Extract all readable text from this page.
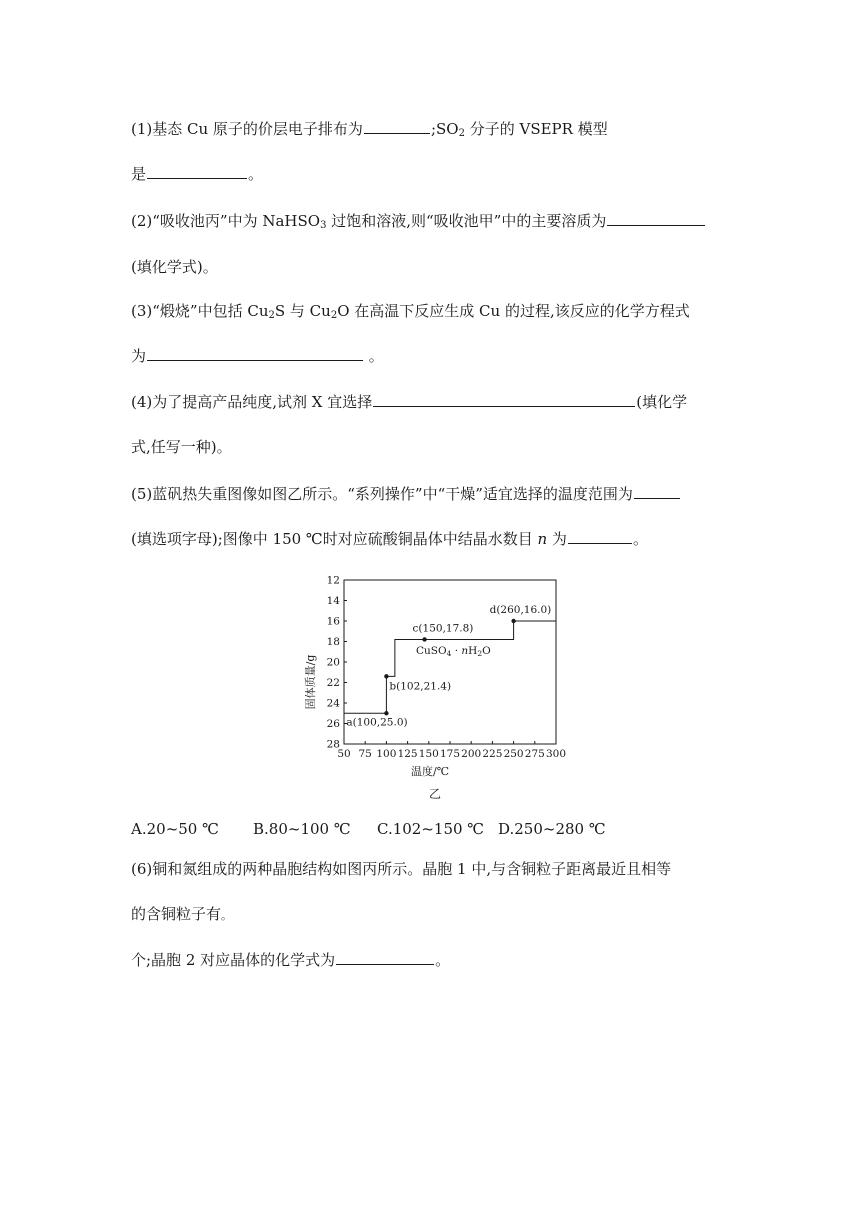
(1)基态 Cu 原子的价层电子排布为	$;SO_2$ 分子的 VSEPR 模型
是	。
(2)“吸收池丙”中为 NaHSO$_3$ 过饱和溶液,则“吸收池甲”中的主要溶质为
(填化学式)。
(3)“煅烧”中包括 $Cu_2S$ 与 $Cu_2O$ 在高温下反应生成 Cu 的过程,该反应的化学方程式
为	。
(4)为了提高产品纯度,试剂 X 宜选择	(填化学
式,任写一种)。
(5)蓝矾热失重图像如图乙所示。“系列操作”中“干燥”适宜选择的温度范围为
(填选项字母);图像中 150 ℃时对应硫酸铜晶体中结晶水数目 n 为	。
固体质量/g
12
14
16
18
20
22
24
26
28
50 75 100 125 150 175 200 225 250 275 300
a(100,25.0)
b(102,21.4)
c(150,17.8)
d(260,16.0)
CuSO4 · nH2O
温度/℃
乙
A.20~50 ℃ B.80~100 ℃ C.102~150 ℃ D.250~280 ℃
(6)铜和氮组成的两种晶胞结构如图丙所示。晶胞 1 中,与含铜粒子距离最近且相等
的含铜粒子有。
个;晶胞 2 对应晶体的化学式为	。
